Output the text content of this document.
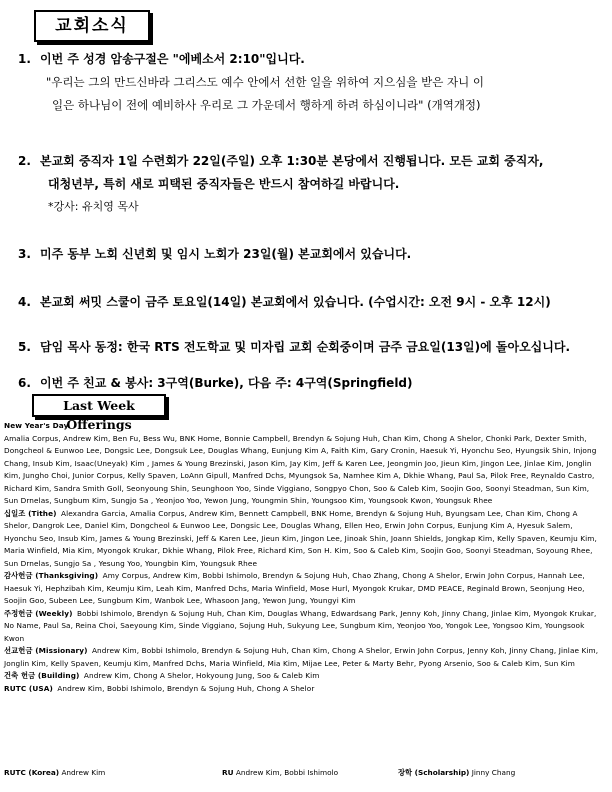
교회소식
1. 이번 주 성경 암송구절은 "에베소서 2:10"입니다.
"우리는 그의 만드신바라 그리스도 예수 안에서 선한 일을 위하여 지으심을 받은 자니 이
일은 하나님이 전에 예비하사 우리로 그 가운데서 행하게 하려 하심이니라" (개역개정)
2. 본교회 중직자 1일 수련회가 22일(주일) 오후 1:30분 본당에서 진행됩니다. 모든 교회 중직자,
대청년부, 특히 새로 피택된 중직자들은 반드시 참여하길 바랍니다.
*강사: 유치영 목사
3. 미주 동부 노회 신년회 및 임시 노회가 23일(월) 본교회에서 있습니다.
4. 본교회 써밋 스쿨이 금주 토요일(14일) 본교회에서 있습니다. (수업시간: 오전 9시 - 오후 12시)
5. 담임 목사 동정: 한국 RTS 전도학교 및 미자립 교회 순회중이며 금주 금요일(13일)에 돌아오십니다.
6. 이번 주 친교 & 봉사: 3구역(Burke), 다음 주: 4구역(Springfield)
Last Week Offerings
New Year's Day
Amalia Corpus, Andrew Kim, Ben Fu, Bess Wu, BNK Home, Bonnie Campbell, Brendyn & Sojung Huh, Chan Kim, Chong A Shelor, Chonki Park, Dexter Smith, Dongcheol & Eunwoo Lee, Dongsic Lee, Dongsuk Lee, Douglas Whang, Eunjung Kim A, Faith Kim, Gary Cronin, Haesuk Yi, Hyonchu Seo, Hyungsik Shin, Injong Chang, Insub Kim, Isaac(Uneyak) Kim , James & Young Brezinski, Jason Kim, Jay Kim, Jeff & Karen Lee, Jeongmin Joo, Jieun Kim, Jingon Lee, Jinlae Kim, Jonglin Kim, Jungho Choi, Junior Corpus, Kelly Spaven, LoAnn Gipull, Manfred Dchs, Myungsok Sa, Namhee Kim A, Dkhie Whang, Paul Sa, Pilok Free, Reynaldo Castro, Richard Kim, Sandra Smith Goll, Seonyoung Shin, Seunghoon Yoo, Sinde Viggiano, Songpyo Chon, Soo & Caleb Kim, Soojin Goo, Soonyi Steadman, Sun Kim, Sun Drnelas, Sungbum Kim, Sungjo Sa , Yeonjoo Yoo, Yewon Jung, Youngmin Shin, Youngsoo Kim, Youngsook Kwon, Youngsuk Rhee
십일조 (Tithe) Alexandra Garcia, Amalia Corpus, Andrew Kim, Bennett Campbell, BNK Home, Brendyn & Sojung Huh, Byungsam Lee, Chan Kim, Chong A Shelor, Dangrok Lee, Daniel Kim, Dongcheol & Eunwoo Lee, Dongsic Lee, Douglas Whang, Ellen Heo, Erwin John Corpus, Eunjung Kim A, Hyesuk Salem, Hyonchu Seo, Insub Kim, James & Young Brezinski, Jeff & Karen Lee, Jieun Kim, Jingon Lee, Jinoak Shin, Joann Shields, Jongkap Kim, Kelly Spaven, Keumju Kim, Maria Winfield, Mia Kim, Myongok Krukar, Dkhie Whang, Pilok Free, Richard Kim, Son H. Kim, Soo & Caleb Kim, Soojin Goo, Soonyi Steadman, Soyoung Rhee, Sun Drnelas, Sungjo Sa , Yesung Yoo, Youngbin Kim, Youngsuk Rhee
감사헌금 (Thanksgiving) Amy Corpus, Andrew Kim, Bobbi Ishimolo, Brendyn & Sojung Huh, Chao Zhang, Chong A Shelor, Erwin John Corpus, Hannah Lee, Haesuk Yi, Hephzibah Kim, Keumju Kim, Leah Kim, Manfred Dchs, Maria Winfield, Mose Hurl, Myongok Krukar, DMD PEACE, Reginald Brown, Seonjung Heo, Soojin Goo, Subeen Lee, Sungbum Kim, Wanbok Lee, Whasoon Jang, Yewon Jung, Youngyi Kim
주정헌금 (Weekly) Bobbi Ishimolo, Brendyn & Sojung Huh, Chan Kim, Douglas Whang, Edwardsang Park, Jenny Koh, Jinny Chang, Jinlae Kim, Myongok Krukar, No Name, Paul Sa, Reina Choi, Saeyoung Kim, Sinde Viggiano, Sojung Huh, Sukyung Lee, Sungbum Kim, Yeonjoo Yoo, Yongok Lee, Yongsoo Kim, Youngsook Kwon
선교헌금 (Missionary) Andrew Kim, Bobbi Ishimolo, Brendyn & Sojung Huh, Chan Kim, Chong A Shelor, Erwin John Corpus, Jenny Koh, Jinny Chang, Jinlae Kim, Jonglin Kim, Kelly Spaven, Keumju Kim, Manfred Dchs, Maria Winfield, Mia Kim, Mijae Lee, Peter & Marty Behr, Pyong Arsenio, Soo & Caleb Kim, Sun Kim
건축 헌금 (Building) Andrew Kim, Chong A Shelor, Hokyoung Jung, Soo & Caleb Kim
RUTC (USA) Andrew Kim, Bobbi Ishimolo, Brendyn & Sojung Huh, Chong A Shelor
RUTC (Korea) Andrew Kim	RU Andrew Kim, Bobbi Ishimolo	장학 (Scholarship) Jinny Chang
